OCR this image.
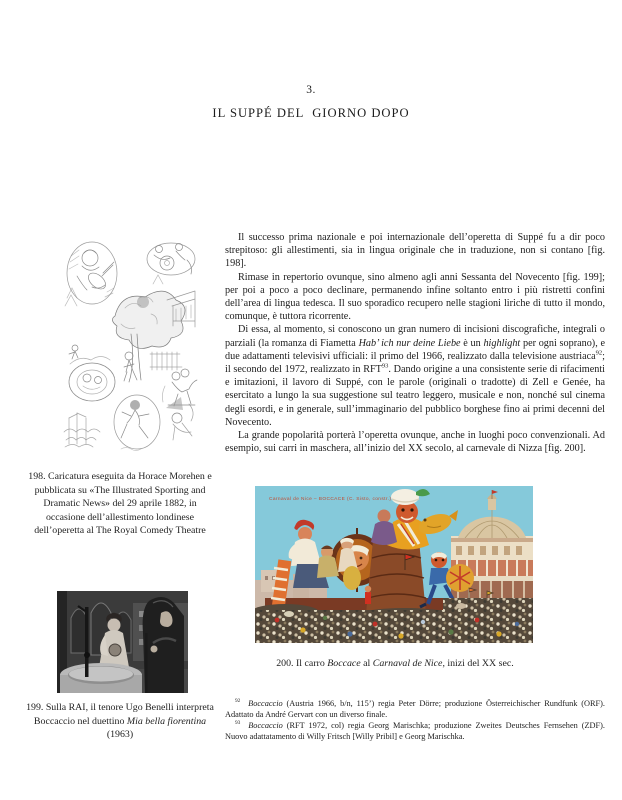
3.
IL SUPPÉ DEL  GIORNO DOPO
198. Caricatura eseguita da Horace Morehen e pubblicata su «The Illustrated Sporting and Dramatic News» del 29 aprile 1882, in occasione dell’allestimento londinese dell’operetta al The Royal Comedy Theatre

Il successo prima nazionale e poi internazionale dell’operetta di Suppé fu a dir poco strepitoso: gli allestimenti, sia in lingua originale che in traduzione, non si contano [fig. 198].

Rimase in repertorio ovunque, sino almeno agli anni Sessanta del Novecento [fig. 199]; per poi a poco a poco declinare, permanendo infine soltanto entro i più ristretti confini dell’area di lingua tedesca. Il suo sporadico recupero nelle stagioni liriche di tutto il mondo, comunque, è tuttora ricorrente.

Di essa, al momento, si conoscono un gran numero di incisioni discografiche, integrali o parziali (la romanza di Fiametta Hab’ ich nur deine Liebe è un highlight per ogni soprano), e due adattamenti televisivi ufficiali: il primo del 1966, realizzato dalla televisione austriaca$^{92}$; il secondo del 1972, realizzato in RFT$^{93}$. Dando origine a una consistente serie di rifacimenti e imitazioni, il lavoro di Suppé, con le parole (originali o tradotte) di Zell e Genée, ha esercitato a lungo la sua suggestione sul teatro leggero, musicale e non, nonché sul cinema degli esordi, e in generale, sull’immaginario del pubblico borghese fino ai primi decenni del Novecento.

La grande popolarità porterà l’operetta ovunque, anche in luoghi poco convenzionali. Ad esempio, sui carri in maschera, all’inizio del XX secolo, al carnevale di Nizza [fig. 200].

Carnaval de Nice – BOCCACE (C. Sisto, constr.)
200. Il carro Boccace al Carnaval de Nice, inizi del XX sec.
199. Sulla RAI, il tenore Ugo Benelli interpreta Boccaccio nel duettino Mia bella fiorentina (1963)

$^{92}$ Boccaccio (Austria 1966, b/n, 115’) regia Peter Dörre; produzione Österreichischer Rundfunk (ORF). Adattato da André Gervart con un diverso finale.

$^{93}$ Boccaccio (RFT 1972, col) regia Georg Marischka; produzione Zweites Deutsches Fernsehen (ZDF). Nuovo adattatamento di Willy Fritsch [Willy Pribil] e Georg Marischka.
